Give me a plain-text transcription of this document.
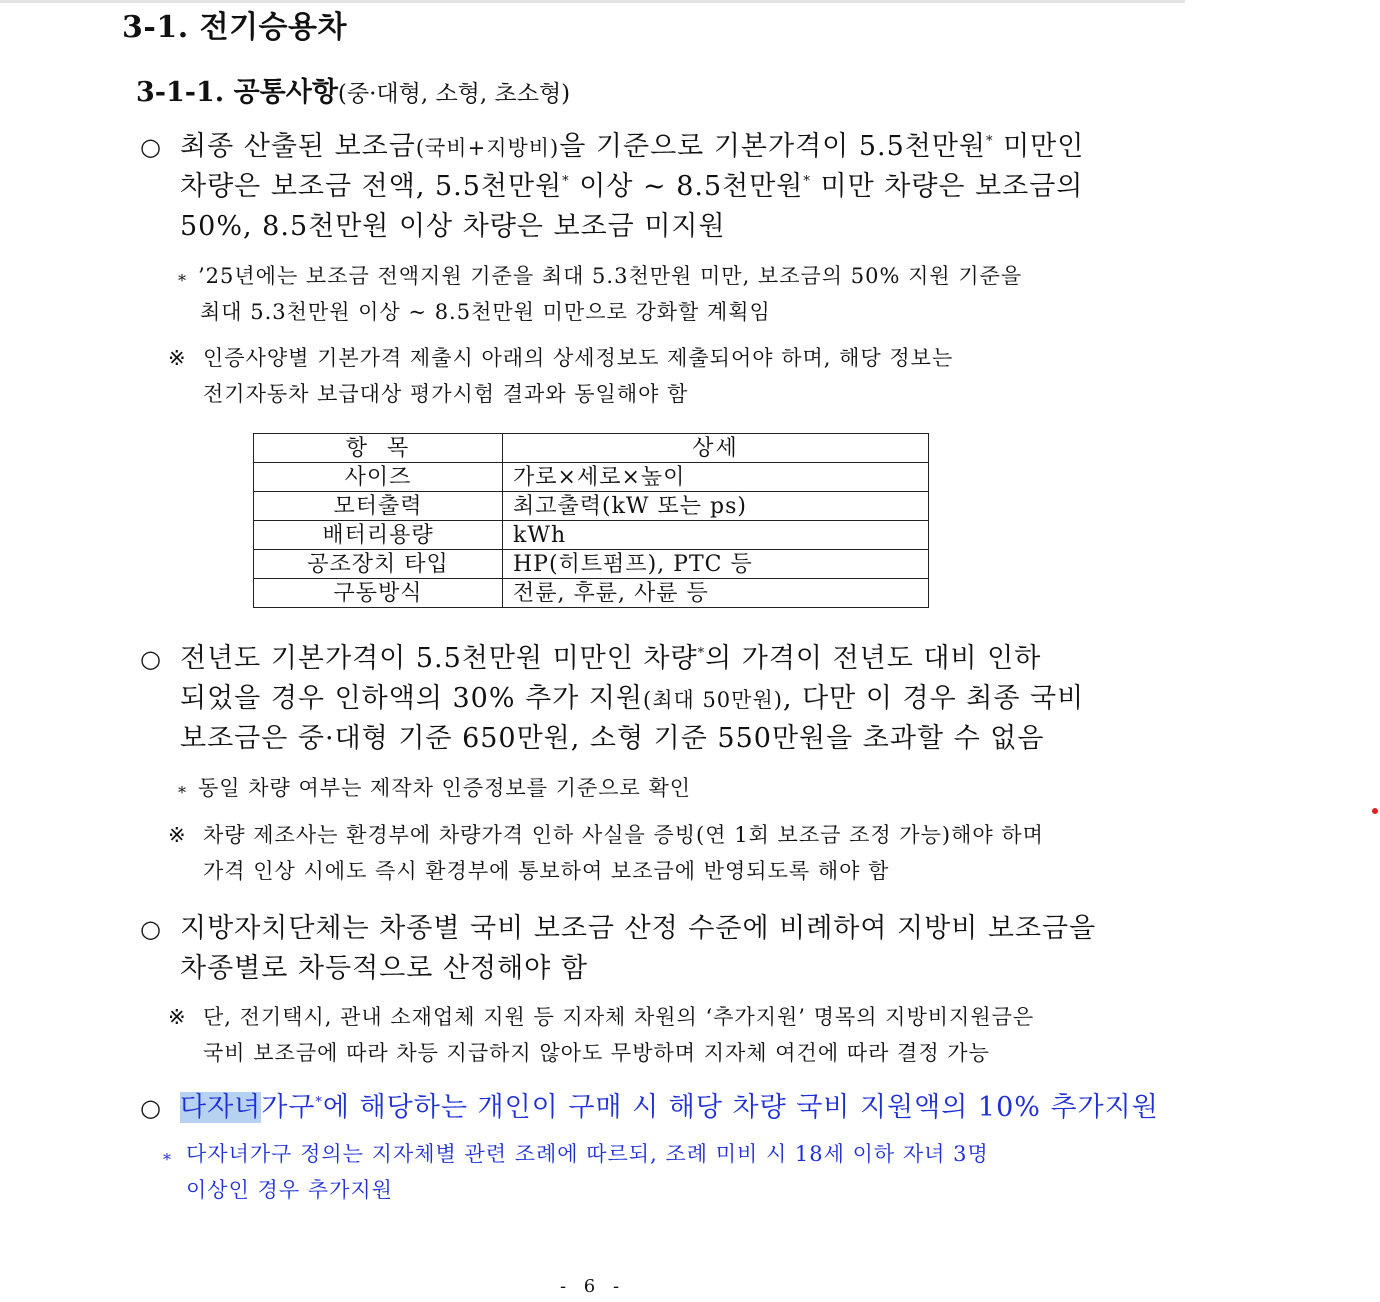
3-1. 전기승용차
3-1-1. 공통사항(중·대형, 소형, 초소형)
○ 최종 산출된 보조금(국비+지방비)을 기준으로 기본가격이 5.5천만원* 미만인
차량은 보조금 전액, 5.5천만원* 이상 ~ 8.5천만원* 미만 차량은 보조금의
50%, 8.5천만원 이상 차량은 보조금 미지원
* ’25년에는 보조금 전액지원 기준을 최대 5.3천만원 미만, 보조금의 50% 지원 기준을
최대 5.3천만원 이상 ~ 8.5천만원 미만으로 강화할 계획임
※ 인증사양별 기본가격 제출시 아래의 상세정보도 제출되어야 하며, 해당 정보는
전기자동차 보급대상 평가시험 결과와 동일해야 함
항  목	상세
사이즈	가로×세로×높이
모터출력	최고출력(kW 또는 ps)
배터리용량	kWh
공조장치 타입	HP(히트펌프), PTC 등
구동방식	전륜, 후륜, 사륜 등
○ 전년도 기본가격이 5.5천만원 미만인 차량*의 가격이 전년도 대비 인하
되었을 경우 인하액의 30% 추가 지원(최대 50만원), 다만 이 경우 최종 국비
보조금은 중·대형 기준 650만원, 소형 기준 550만원을 초과할 수 없음
* 동일 차량 여부는 제작차 인증정보를 기준으로 확인
※ 차량 제조사는 환경부에 차량가격 인하 사실을 증빙(연 1회 보조금 조정 가능)해야 하며
가격 인상 시에도 즉시 환경부에 통보하여 보조금에 반영되도록 해야 함
○ 지방자치단체는 차종별 국비 보조금 산정 수준에 비례하여 지방비 보조금을
차종별로 차등적으로 산정해야 함
※ 단, 전기택시, 관내 소재업체 지원 등 지자체 차원의 ‘추가지원’ 명목의 지방비지원금은
국비 보조금에 따라 차등 지급하지 않아도 무방하며 지자체 여건에 따라 결정 가능
○ 다자녀가구*에 해당하는 개인이 구매 시 해당 차량 국비 지원액의 10% 추가지원
* 다자녀가구 정의는 지자체별 관련 조례에 따르되, 조례 미비 시 18세 이하 자녀 3명
이상인 경우 추가지원
- 6 -
